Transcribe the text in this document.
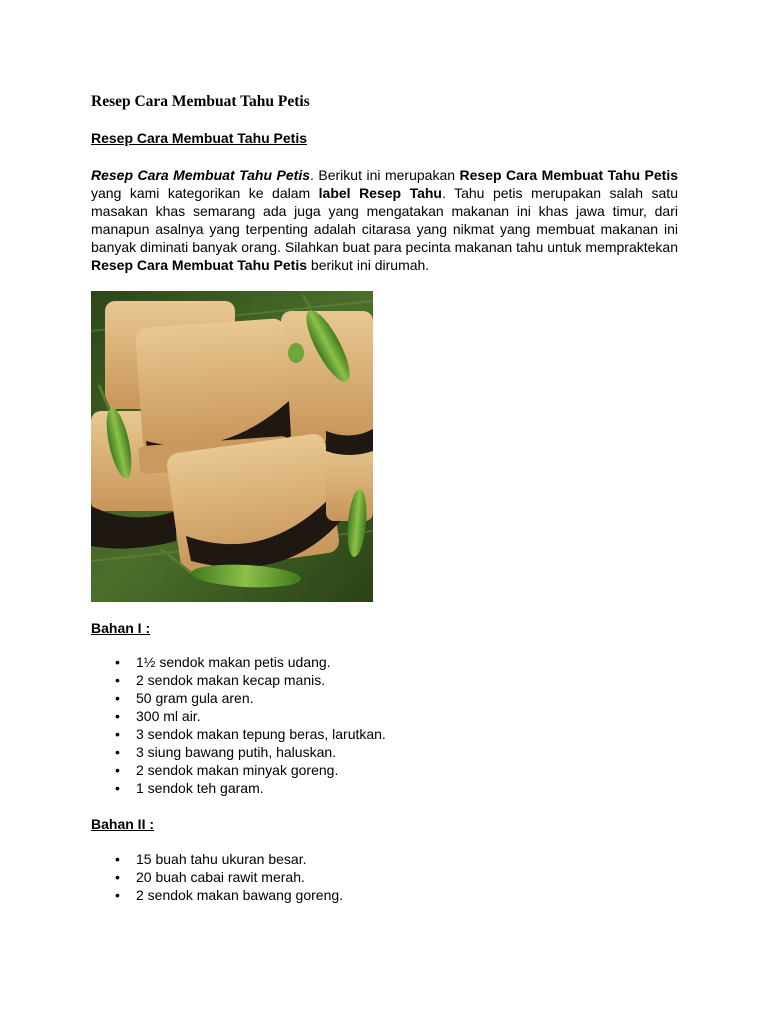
Resep Cara Membuat Tahu Petis
Resep Cara Membuat Tahu Petis

Resep Cara Membuat Tahu Petis. Berikut ini merupakan Resep Cara Membuat Tahu Petis yang kami kategorikan ke dalam label Resep Tahu. Tahu petis merupakan salah satu masakan khas semarang ada juga yang mengatakan makanan ini khas jawa timur, dari manapun asalnya yang terpenting adalah citarasa yang nikmat yang membuat makanan ini banyak diminati banyak orang. Silahkan buat para pecinta makanan tahu untuk mempraktekan Resep Cara Membuat Tahu Petis berikut ini dirumah.

Bahan I :
• 1½ sendok makan petis udang.
• 2 sendok makan kecap manis.
• 50 gram gula aren.
• 300 ml air.
• 3 sendok makan tepung beras, larutkan.
• 3 siung bawang putih, haluskan.
• 2 sendok makan minyak goreng.
• 1 sendok teh garam.
Bahan II :
• 15 buah tahu ukuran besar.
• 20 buah cabai rawit merah.
• 2 sendok makan bawang goreng.
